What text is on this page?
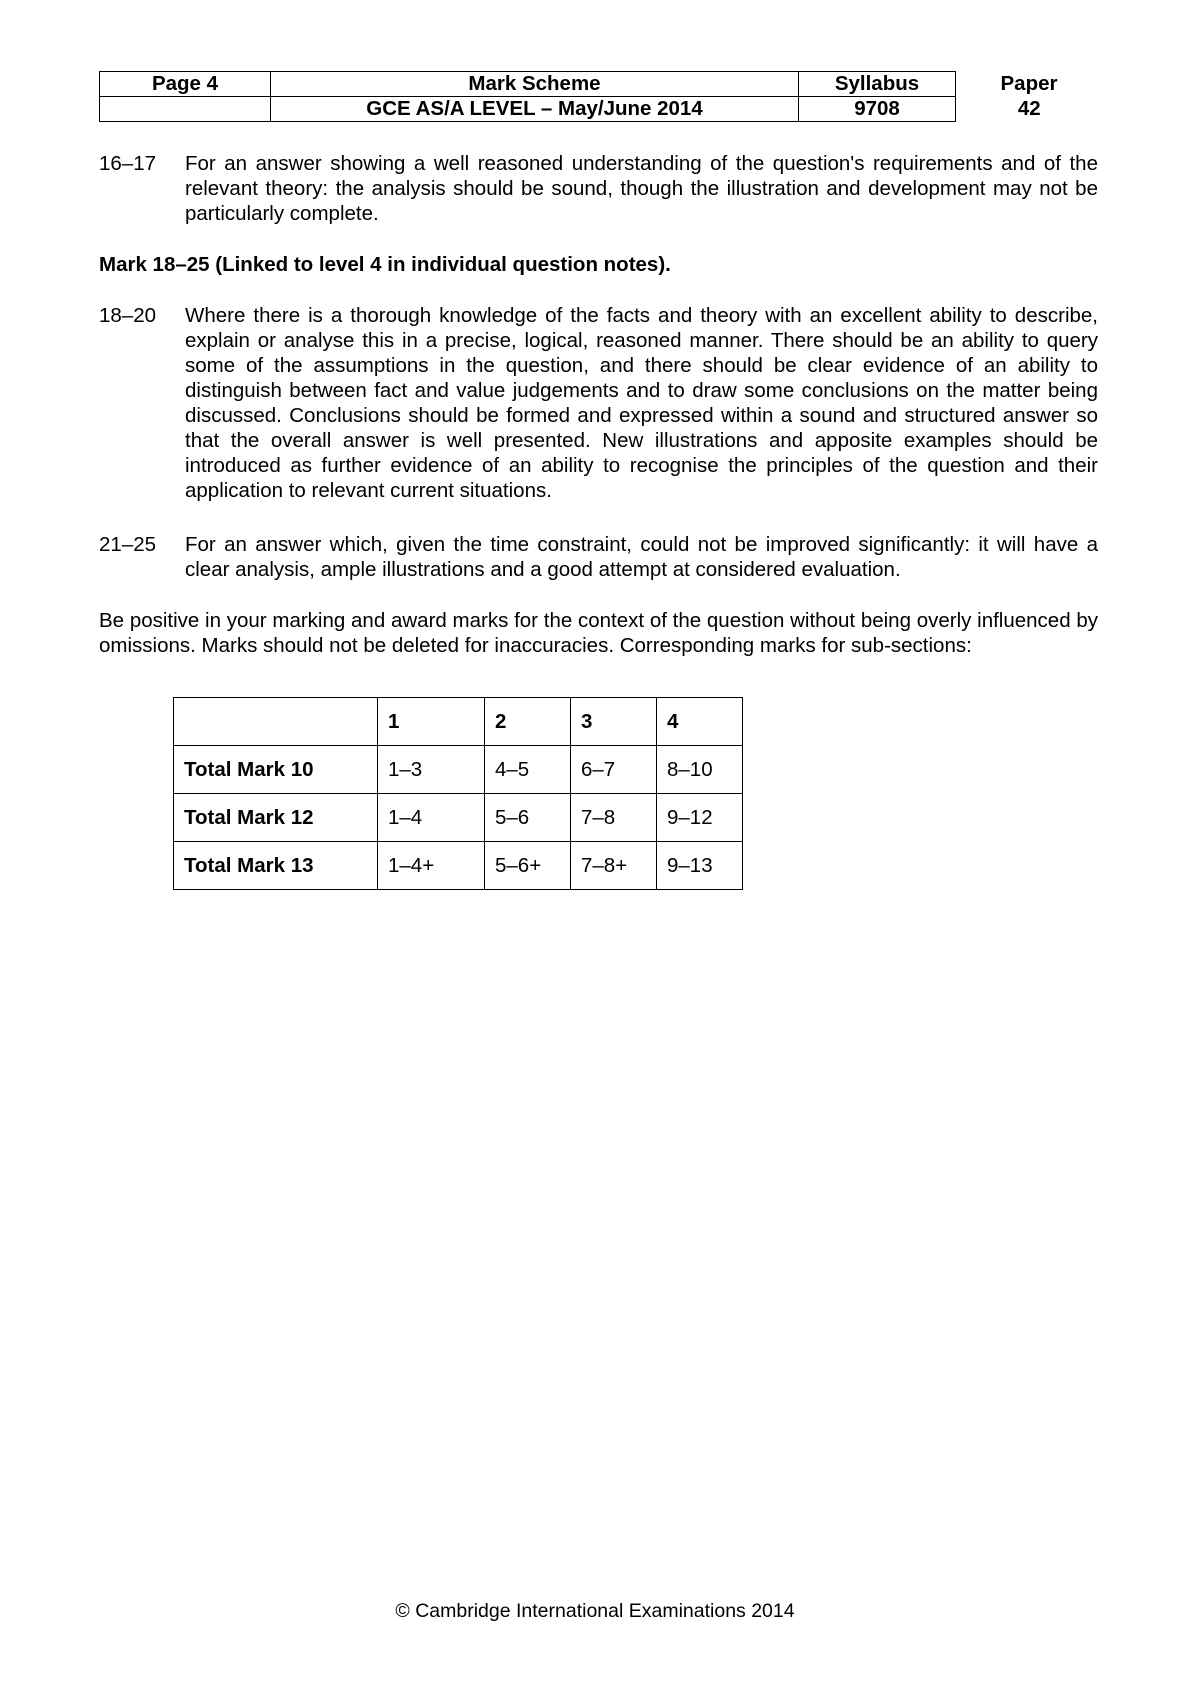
Page 4	Mark Scheme	Syllabus	Paper
	GCE AS/A LEVEL – May/June 2014	9708	42
16–17 For an answer showing a well reasoned understanding of the question's requirements and of the relevant theory: the analysis should be sound, though the illustration and development may not be particularly complete.

Mark 18–25 (Linked to level 4 in individual question notes).

18–20 Where there is a thorough knowledge of the facts and theory with an excellent ability to describe, explain or analyse this in a precise, logical, reasoned manner. There should be an ability to query some of the assumptions in the question, and there should be clear evidence of an ability to distinguish between fact and value judgements and to draw some conclusions on the matter being discussed. Conclusions should be formed and expressed within a sound and structured answer so that the overall answer is well presented. New illustrations and apposite examples should be introduced as further evidence of an ability to recognise the principles of the question and their application to relevant current situations.
21–25 For an answer which, given the time constraint, could not be improved significantly: it will have a clear analysis, ample illustrations and a good attempt at considered evaluation.

Be positive in your marking and award marks for the context of the question without being overly influenced by omissions. Marks should not be deleted for inaccuracies. Corresponding marks for sub-sections:

	1	2	3	4
Total Mark 10	1–3	4–5	6–7	8–10
Total Mark 12	1–4	5–6	7–8	9–12
Total Mark 13	1–4+	5–6+	7–8+	9–13
© Cambridge International Examinations 2014
